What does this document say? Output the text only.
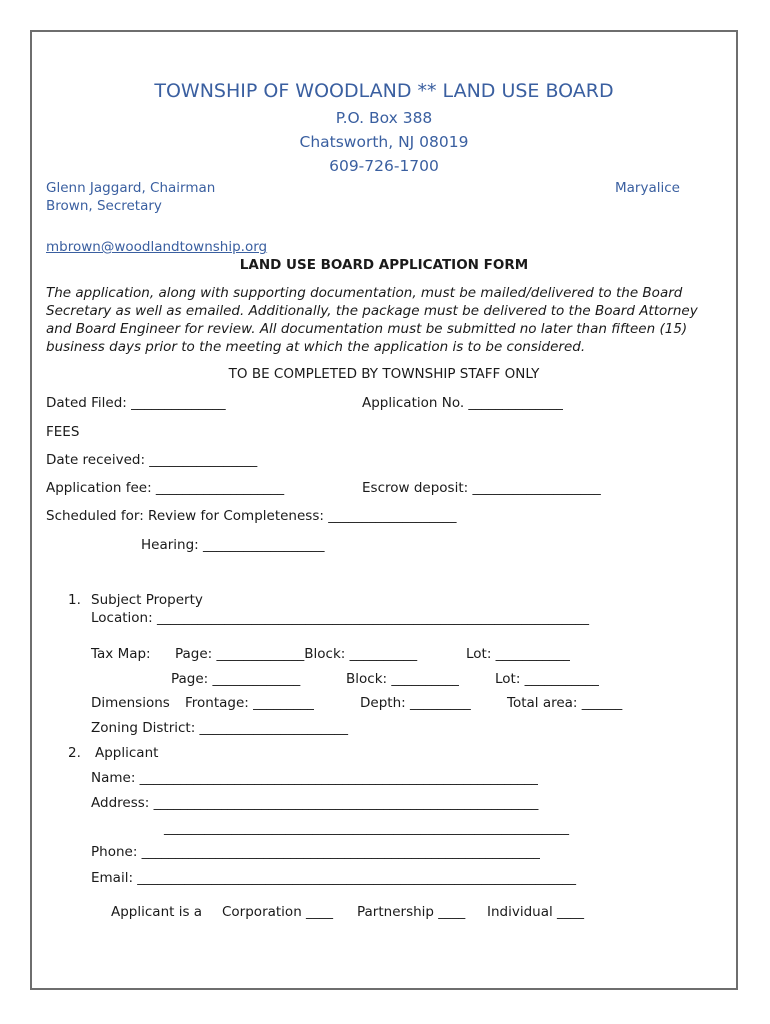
TOWNSHIP OF WOODLAND ** LAND USE BOARD
P.O. Box 388
Chatsworth, NJ 08019
609-726-1700
Glenn Jaggard, Chairman	Maryalice
Brown, Secretary
mbrown@woodlandtownship.org
LAND USE BOARD APPLICATION FORM
The application, along with supporting documentation, must be mailed/delivered to the Board Secretary as well as emailed. Additionally, the package must be delivered to the Board Attorney and Board Engineer for review. All documentation must be submitted no later than fifteen (15) business days prior to the meeting at which the application is to be considered.
TO BE COMPLETED BY TOWNSHIP STAFF ONLY
Dated Filed: ______________	Application No. ______________
FEES
Date received: ________________
Application fee: ___________________	Escrow deposit: ___________________
Scheduled for: Review for Completeness: ___________________
Hearing: __________________
1. Subject Property
Location: ________________________________________________________________
Tax Map: Page: _____________Block: __________	Lot: ___________
Page: _____________	Block: __________	Lot: ___________
Dimensions Frontage: _________	Depth: _________	Total area: ______
Zoning District: ______________________
2. Applicant
Name: ___________________________________________________________
Address: _________________________________________________________
____________________________________________________________
Phone: ___________________________________________________________
Email: _________________________________________________________________
Applicant is a Corporation ____ Partnership ____ Individual ____
